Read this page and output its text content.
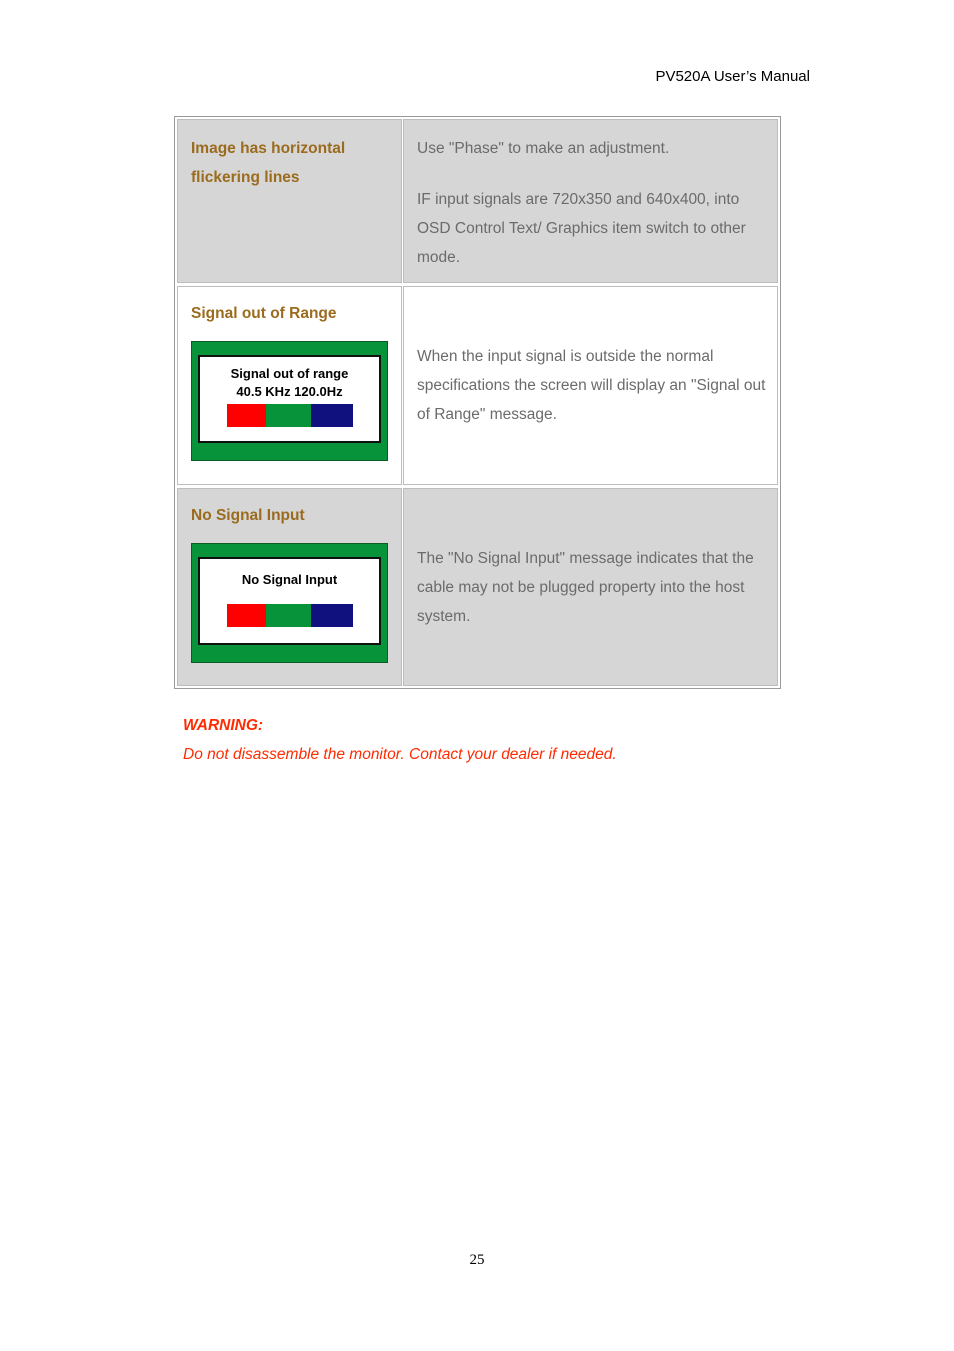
PV520A User’s Manual
Image has horizontal
flickering lines

Use "Phase" to make an adjustment.

IF input signals are 720x350 and 640x400, into OSD Control Text/ Graphics item switch to other mode.

Signal out of Range
Signal out of range
40.5 KHz 120.0Hz
When the input signal is outside the normal specifications the screen will display an "Signal out of Range" message.
No Signal Input
No Signal Input
The "No Signal Input" message indicates that the cable may not be plugged property into the host system.
WARNING:
Do not disassemble the monitor. Contact your dealer if needed.
25
